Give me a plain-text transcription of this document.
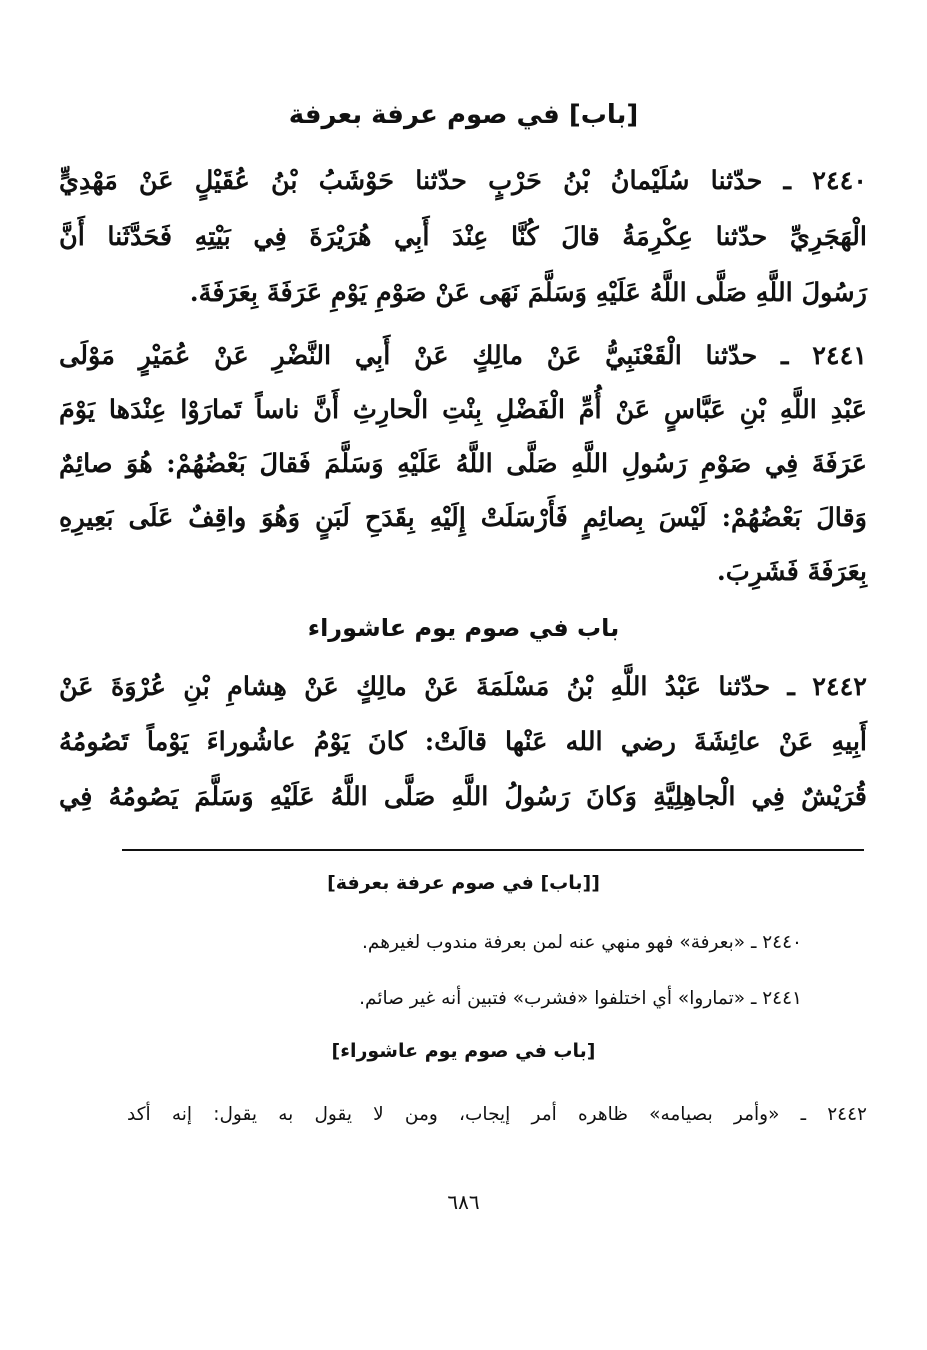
[باب] في صوم عرفة بعرفة
٢٤٤٠ ـ حدّثنا سُلَيْمانُ بْنُ حَرْبٍ حدّثنا حَوْشَبُ بْنُ عُقَيْلٍ عَنْ مَهْدِيٍّ
الْهَجَرِيِّ حدّثنا عِكْرِمَةُ قالَ كُنَّا عِنْدَ أَبِي هُرَيْرَةَ فِي بَيْتِهِ فَحَدَّثَنا أَنَّ
رَسُولَ اللَّهِ صَلَّى اللَّهُ عَلَيْهِ وَسَلَّمَ نَهَى عَنْ صَوْمِ يَوْمِ عَرَفَةَ بِعَرَفَةَ.
٢٤٤١ ـ حدّثنا الْقَعْنَبِيُّ عَنْ مالِكٍ عَنْ أَبِي النَّضْرِ عَنْ عُمَيْرٍ مَوْلَى
عَبْدِ اللَّهِ بْنِ عَبَّاسٍ عَنْ أُمِّ الْفَضْلِ بِنْتِ الْحارِثِ أَنَّ ناساً تَمارَوْا عِنْدَها يَوْمَ
عَرَفَةَ فِي صَوْمِ رَسُولِ اللَّهِ صَلَّى اللَّهُ عَلَيْهِ وَسَلَّمَ فَقالَ بَعْضُهُمْ: هُوَ صائِمٌ
وَقالَ بَعْضُهُمْ: لَيْسَ بِصائِمٍ فَأَرْسَلَتْ إِلَيْهِ بِقَدَحِ لَبَنٍ وَهُوَ واقِفٌ عَلَى بَعِيرِهِ
بِعَرَفَةَ فَشَرِبَ.
باب في صوم يوم عاشوراء
٢٤٤٢ ـ حدّثنا عَبْدُ اللَّهِ بْنُ مَسْلَمَةَ عَنْ مالِكٍ عَنْ هِشامِ بْنِ عُرْوَةَ عَنْ
أَبِيهِ عَنْ عائِشَةَ رضي الله عَنْها قالَتْ: كانَ يَوْمُ عاشُوراءَ يَوْماً تَصُومُهُ
قُرَيْشٌ فِي الْجاهِلِيَّةِ وَكانَ رَسُولُ اللَّهِ صَلَّى اللَّهُ عَلَيْهِ وَسَلَّمَ يَصُومُهُ فِي
[[باب] في صوم عرفة بعرفة]
٢٤٤٠ ـ «بعرفة» فهو منهي عنه لمن بعرفة مندوب لغيرهم.
٢٤٤١ ـ «تماروا» أي اختلفوا «فشرب» فتبين أنه غير صائم.
[باب في صوم يوم عاشوراء]
٢٤٤٢ ـ «وأمر بصيامه» ظاهره أمر إيجاب، ومن لا يقول به يقول: إنه أكد
٦٨٦
